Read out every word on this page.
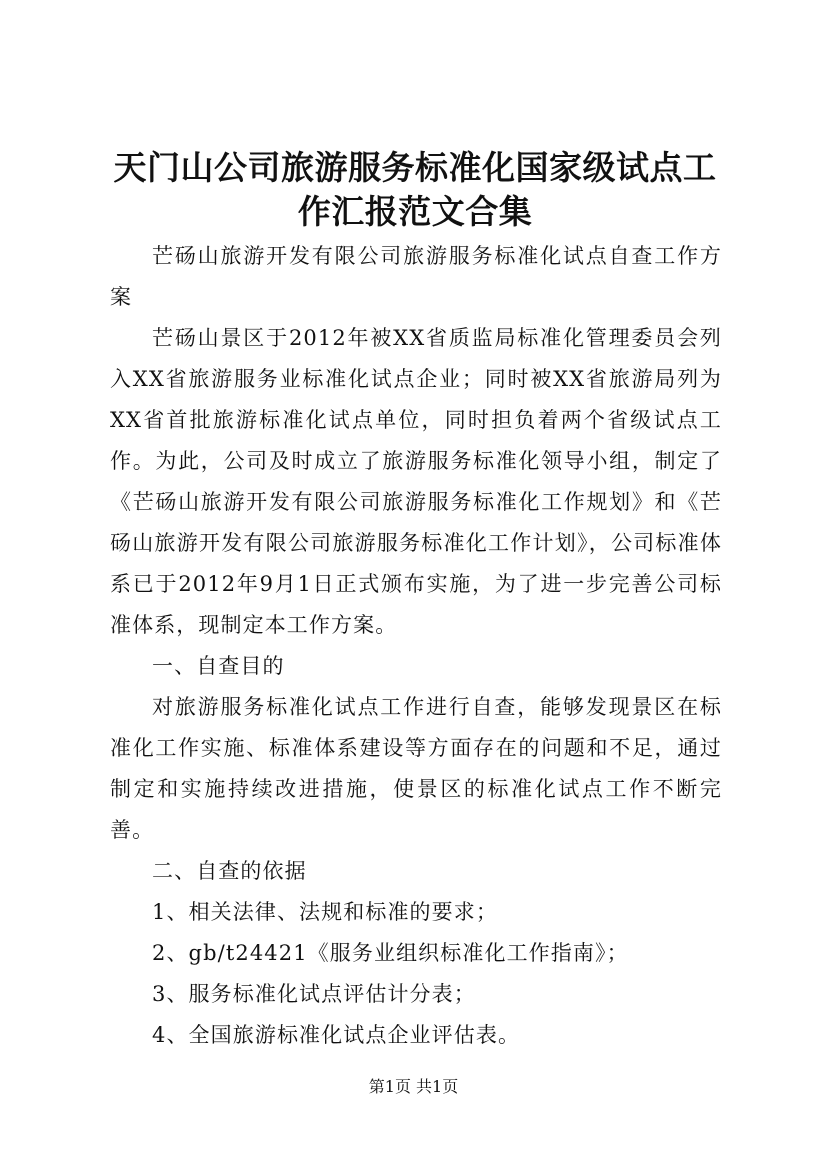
天门山公司旅游服务标准化国家级试点工作汇报范文合集

芒砀山旅游开发有限公司旅游服务标准化试点自查工作方案

芒砀山景区于2012年被XX省质监局标准化管理委员会列入XX省旅游服务业标准化试点企业；同时被XX省旅游局列为XX省首批旅游标准化试点单位，同时担负着两个省级试点工作。为此，公司及时成立了旅游服务标准化领导小组，制定了《芒砀山旅游开发有限公司旅游服务标准化工作规划》和《芒砀山旅游开发有限公司旅游服务标准化工作计划》，公司标准体系已于2012年9月1日正式颁布实施，为了进一步完善公司标准体系，现制定本工作方案。

一、自查目的

对旅游服务标准化试点工作进行自查，能够发现景区在标准化工作实施、标准体系建设等方面存在的问题和不足，通过制定和实施持续改进措施，使景区的标准化试点工作不断完善。

二、自查的依据

1、相关法律、法规和标准的要求；

2、gb/t24421《服务业组织标准化工作指南》；

3、服务标准化试点评估计分表；

4、全国旅游标准化试点企业评估表。

第1页 共1页
